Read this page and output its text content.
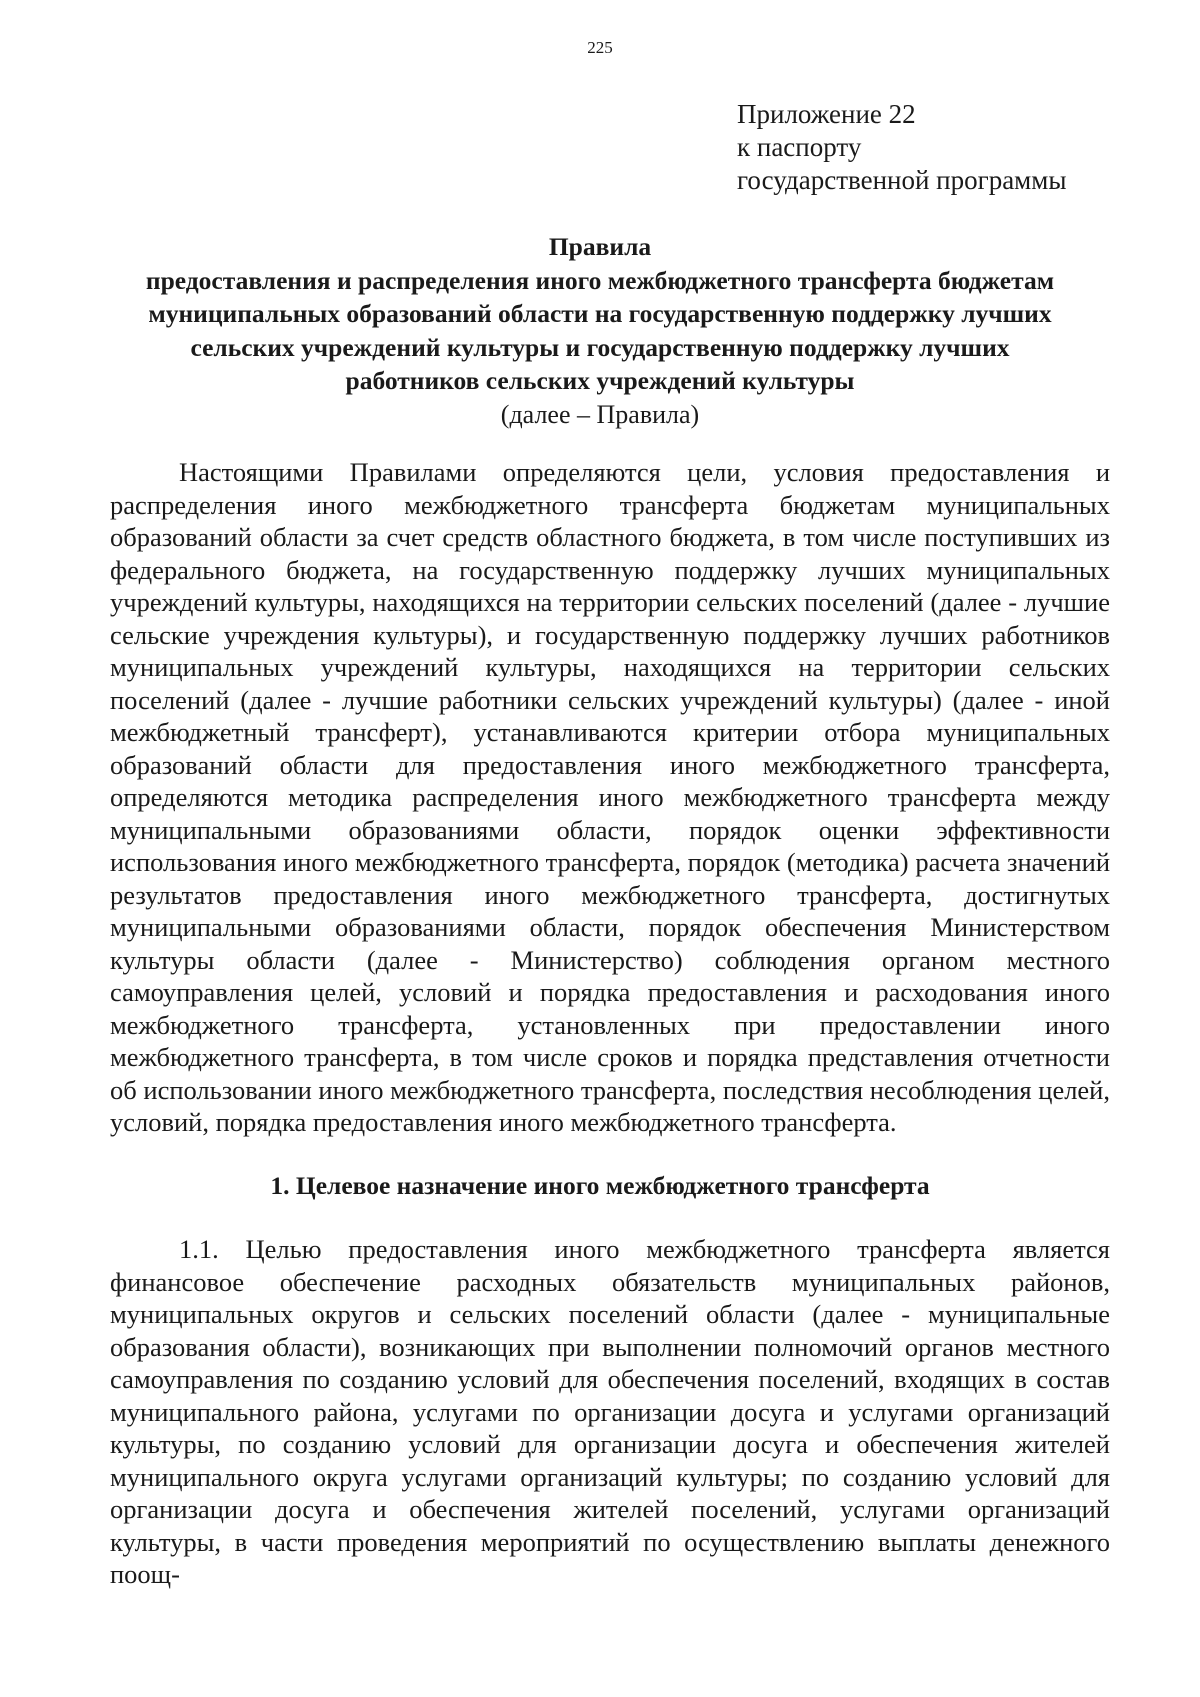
225
Приложение 22
к паспорту
государственной программы
Правила
предоставления и распределения иного межбюджетного трансферта бюджетам
муниципальных образований области на государственную поддержку лучших
сельских учреждений культуры и государственную поддержку лучших
работников сельских учреждений культуры
(далее – Правила)

Настоящими Правилами определяются цели, условия предоставления и распределения иного межбюджетного трансферта бюджетам муниципальных образований области за счет средств областного бюджета, в том числе поступивших из федерального бюджета, на государственную поддержку лучших муниципальных учреждений культуры, находящихся на территории сельских поселений (далее - лучшие сельские учреждения культуры), и государственную поддержку лучших работников муниципальных учреждений культуры, находящихся на территории сельских поселений (далее - лучшие работники сельских учреждений культуры) (далее - иной межбюджетный трансферт), устанавливаются критерии отбора муниципальных образований области для предоставления иного межбюджетного трансферта, определяются методика распределения иного межбюджетного трансферта между муниципальными образованиями области, порядок оценки эффективности использования иного межбюджетного трансферта, порядок (методика) расчета значений результатов предоставления иного межбюджетного трансферта, достигнутых муниципальными образованиями области, порядок обеспечения Министерством культуры области (далее - Министерство) соблюдения органом местного самоуправления целей, условий и порядка предоставления и расходования иного межбюджетного трансферта, установленных при предоставлении иного межбюджетного трансферта, в том числе сроков и порядка представления отчетности об использовании иного межбюджетного трансферта, последствия несоблюдения целей, условий, порядка предоставления иного межбюджетного трансферта.

1. Целевое назначение иного межбюджетного трансферта

1.1. Целью предоставления иного межбюджетного трансферта является финансовое обеспечение расходных обязательств муниципальных районов, муниципальных округов и сельских поселений области (далее - муниципальные образования области), возникающих при выполнении полномочий органов местного самоуправления по созданию условий для обеспечения поселений, входящих в состав муниципального района, услугами по организации досуга и услугами организаций культуры, по созданию условий для организации досуга и обеспечения жителей муниципального округа услугами организаций культуры; по созданию условий для организации досуга и обеспечения жителей поселений, услугами организаций культуры, в части проведения мероприятий по осуществлению выплаты денежного поощ-
